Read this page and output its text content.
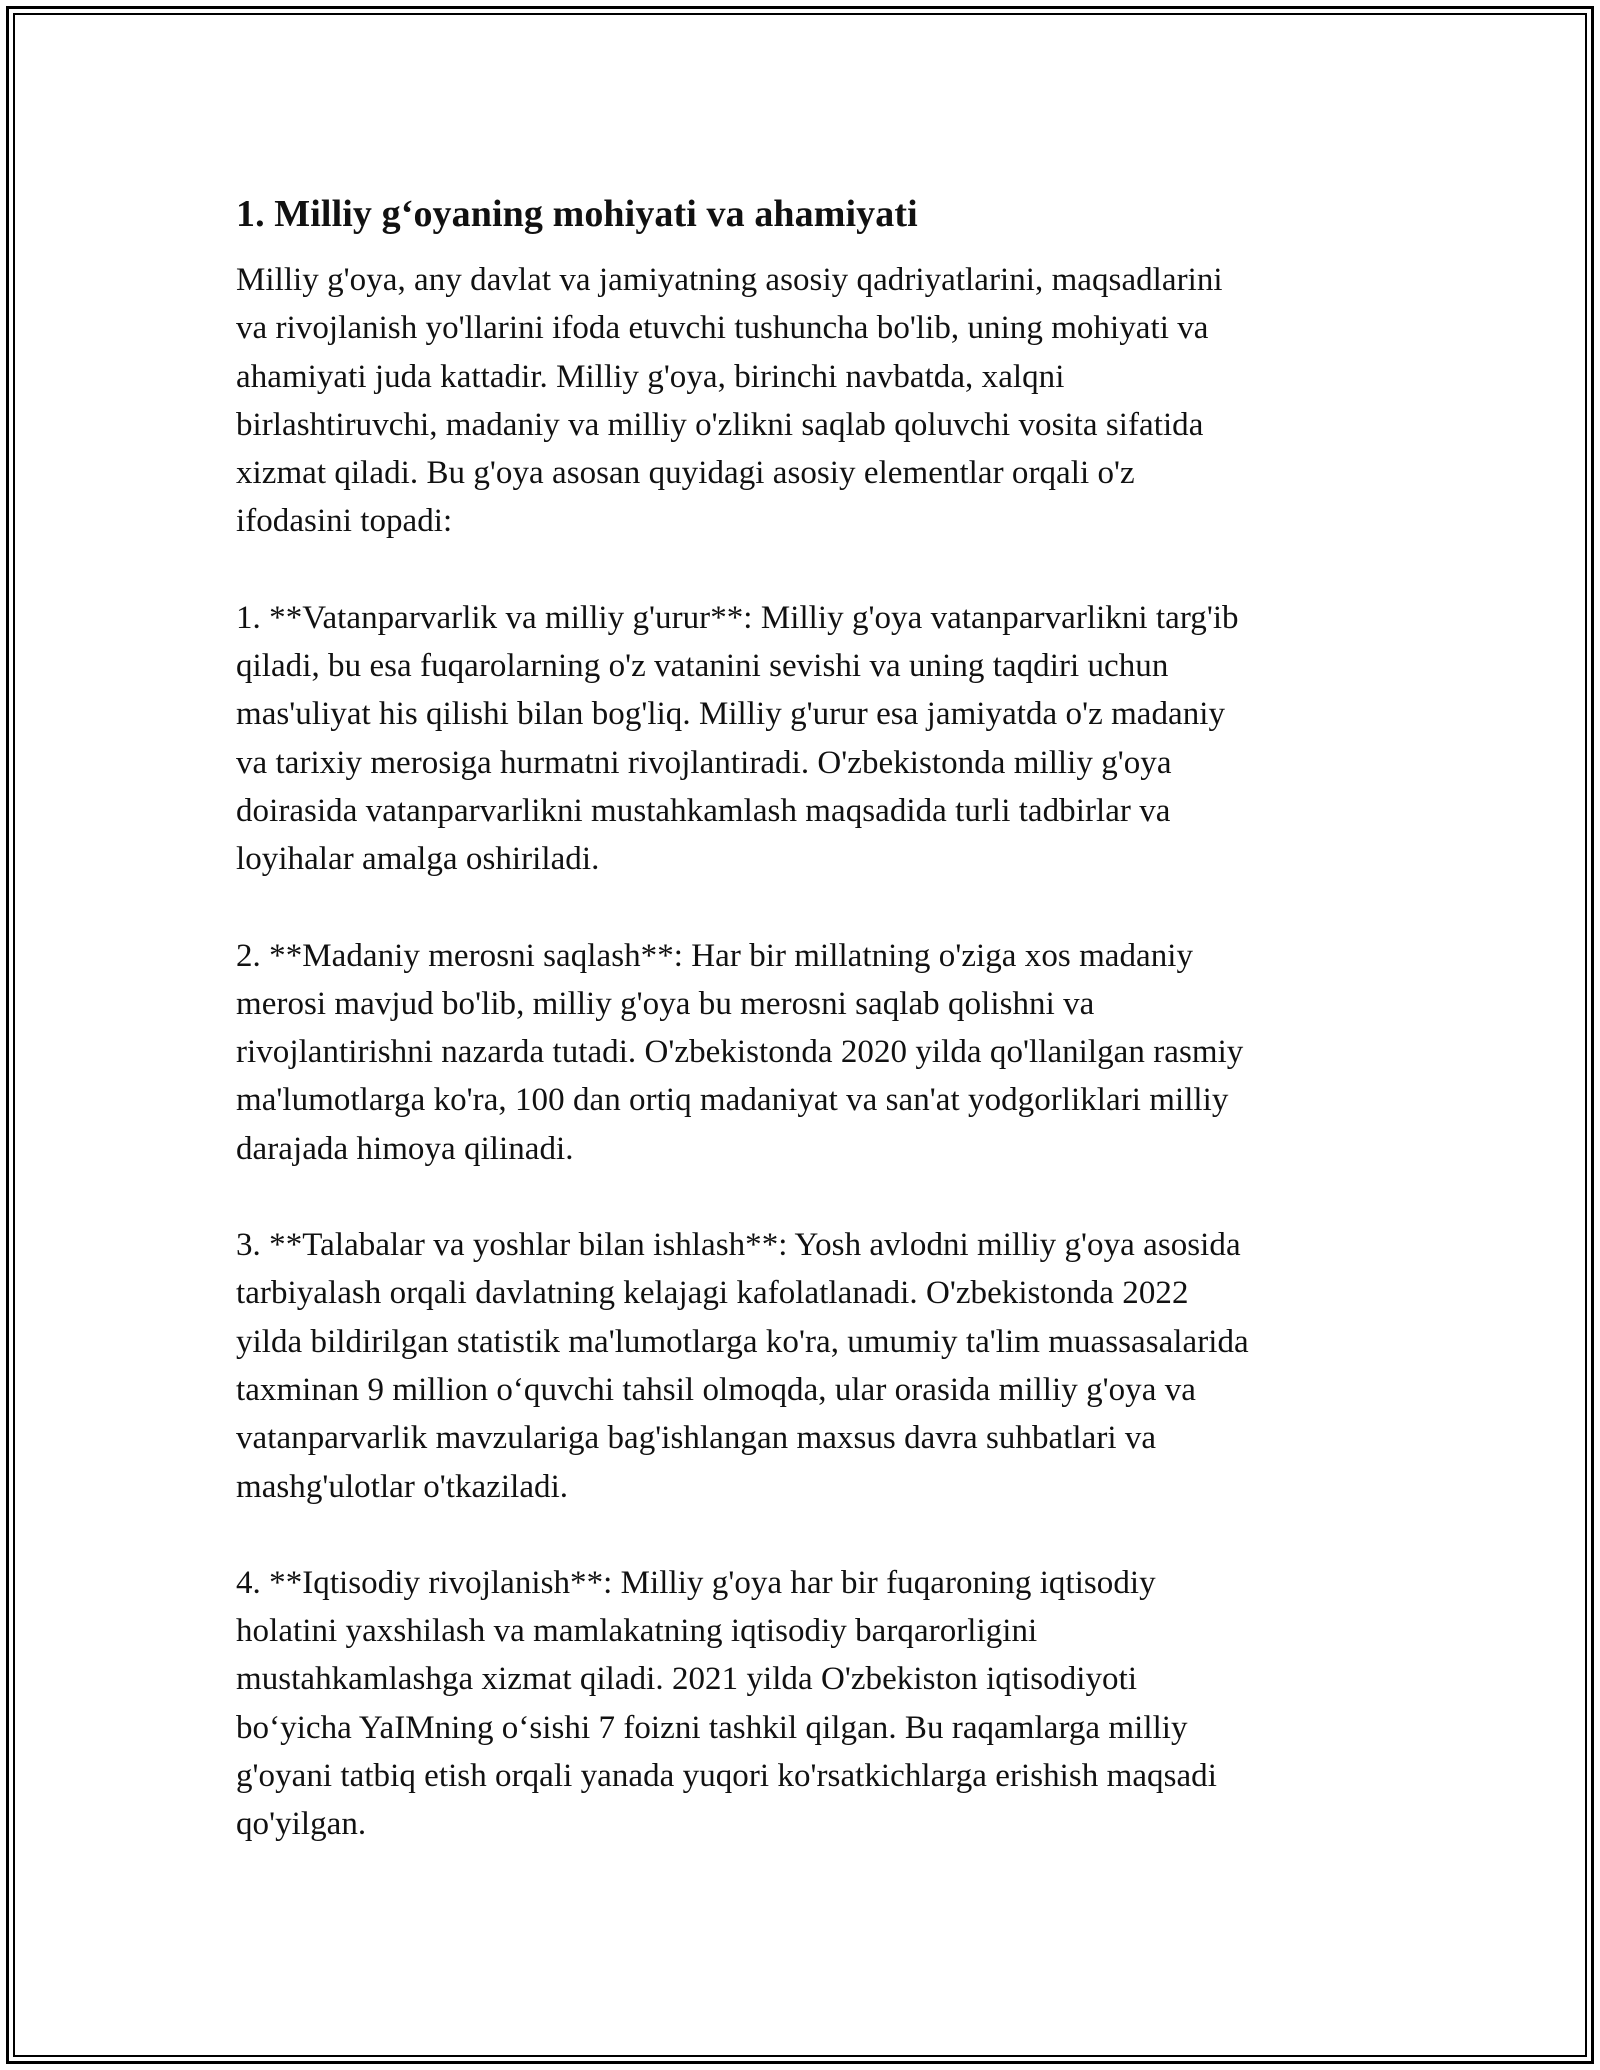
1. Milliy g‘oyaning mohiyati va ahamiyati

Milliy g'oya, any davlat va jamiyatning asosiy qadriyatlarini, maqsadlarini
va rivojlanish yo'llarini ifoda etuvchi tushuncha bo'lib, uning mohiyati va
ahamiyati juda kattadir. Milliy g'oya, birinchi navbatda, xalqni
birlashtiruvchi, madaniy va milliy o'zlikni saqlab qoluvchi vosita sifatida
xizmat qiladi. Bu g'oya asosan quyidagi asosiy elementlar orqali o'z
ifodasini topadi:

1. **Vatanparvarlik va milliy g'urur**: Milliy g'oya vatanparvarlikni targ'ib
qiladi, bu esa fuqarolarning o'z vatanini sevishi va uning taqdiri uchun
mas'uliyat his qilishi bilan bog'liq. Milliy g'urur esa jamiyatda o'z madaniy
va tarixiy merosiga hurmatni rivojlantiradi. O'zbekistonda milliy g'oya
doirasida vatanparvarlikni mustahkamlash maqsadida turli tadbirlar va
loyihalar amalga oshiriladi.

2. **Madaniy merosni saqlash**: Har bir millatning o'ziga xos madaniy
merosi mavjud bo'lib, milliy g'oya bu merosni saqlab qolishni va
rivojlantirishni nazarda tutadi. O'zbekistonda 2020 yilda qo'llanilgan rasmiy
ma'lumotlarga ko'ra, 100 dan ortiq madaniyat va san'at yodgorliklari milliy
darajada himoya qilinadi.

3. **Talabalar va yoshlar bilan ishlash**: Yosh avlodni milliy g'oya asosida
tarbiyalash orqali davlatning kelajagi kafolatlanadi. O'zbekistonda 2022
yilda bildirilgan statistik ma'lumotlarga ko'ra, umumiy ta'lim muassasalarida
taxminan 9 million o‘quvchi tahsil olmoqda, ular orasida milliy g'oya va
vatanparvarlik mavzulariga bag'ishlangan maxsus davra suhbatlari va
mashg'ulotlar o'tkaziladi.

4. **Iqtisodiy rivojlanish**: Milliy g'oya har bir fuqaroning iqtisodiy
holatini yaxshilash va mamlakatning iqtisodiy barqarorligini
mustahkamlashga xizmat qiladi. 2021 yilda O'zbekiston iqtisodiyoti
bo‘yicha YaIMning o‘sishi 7 foizni tashkil qilgan. Bu raqamlarga milliy
g'oyani tatbiq etish orqali yanada yuqori ko'rsatkichlarga erishish maqsadi
qo'yilgan.
